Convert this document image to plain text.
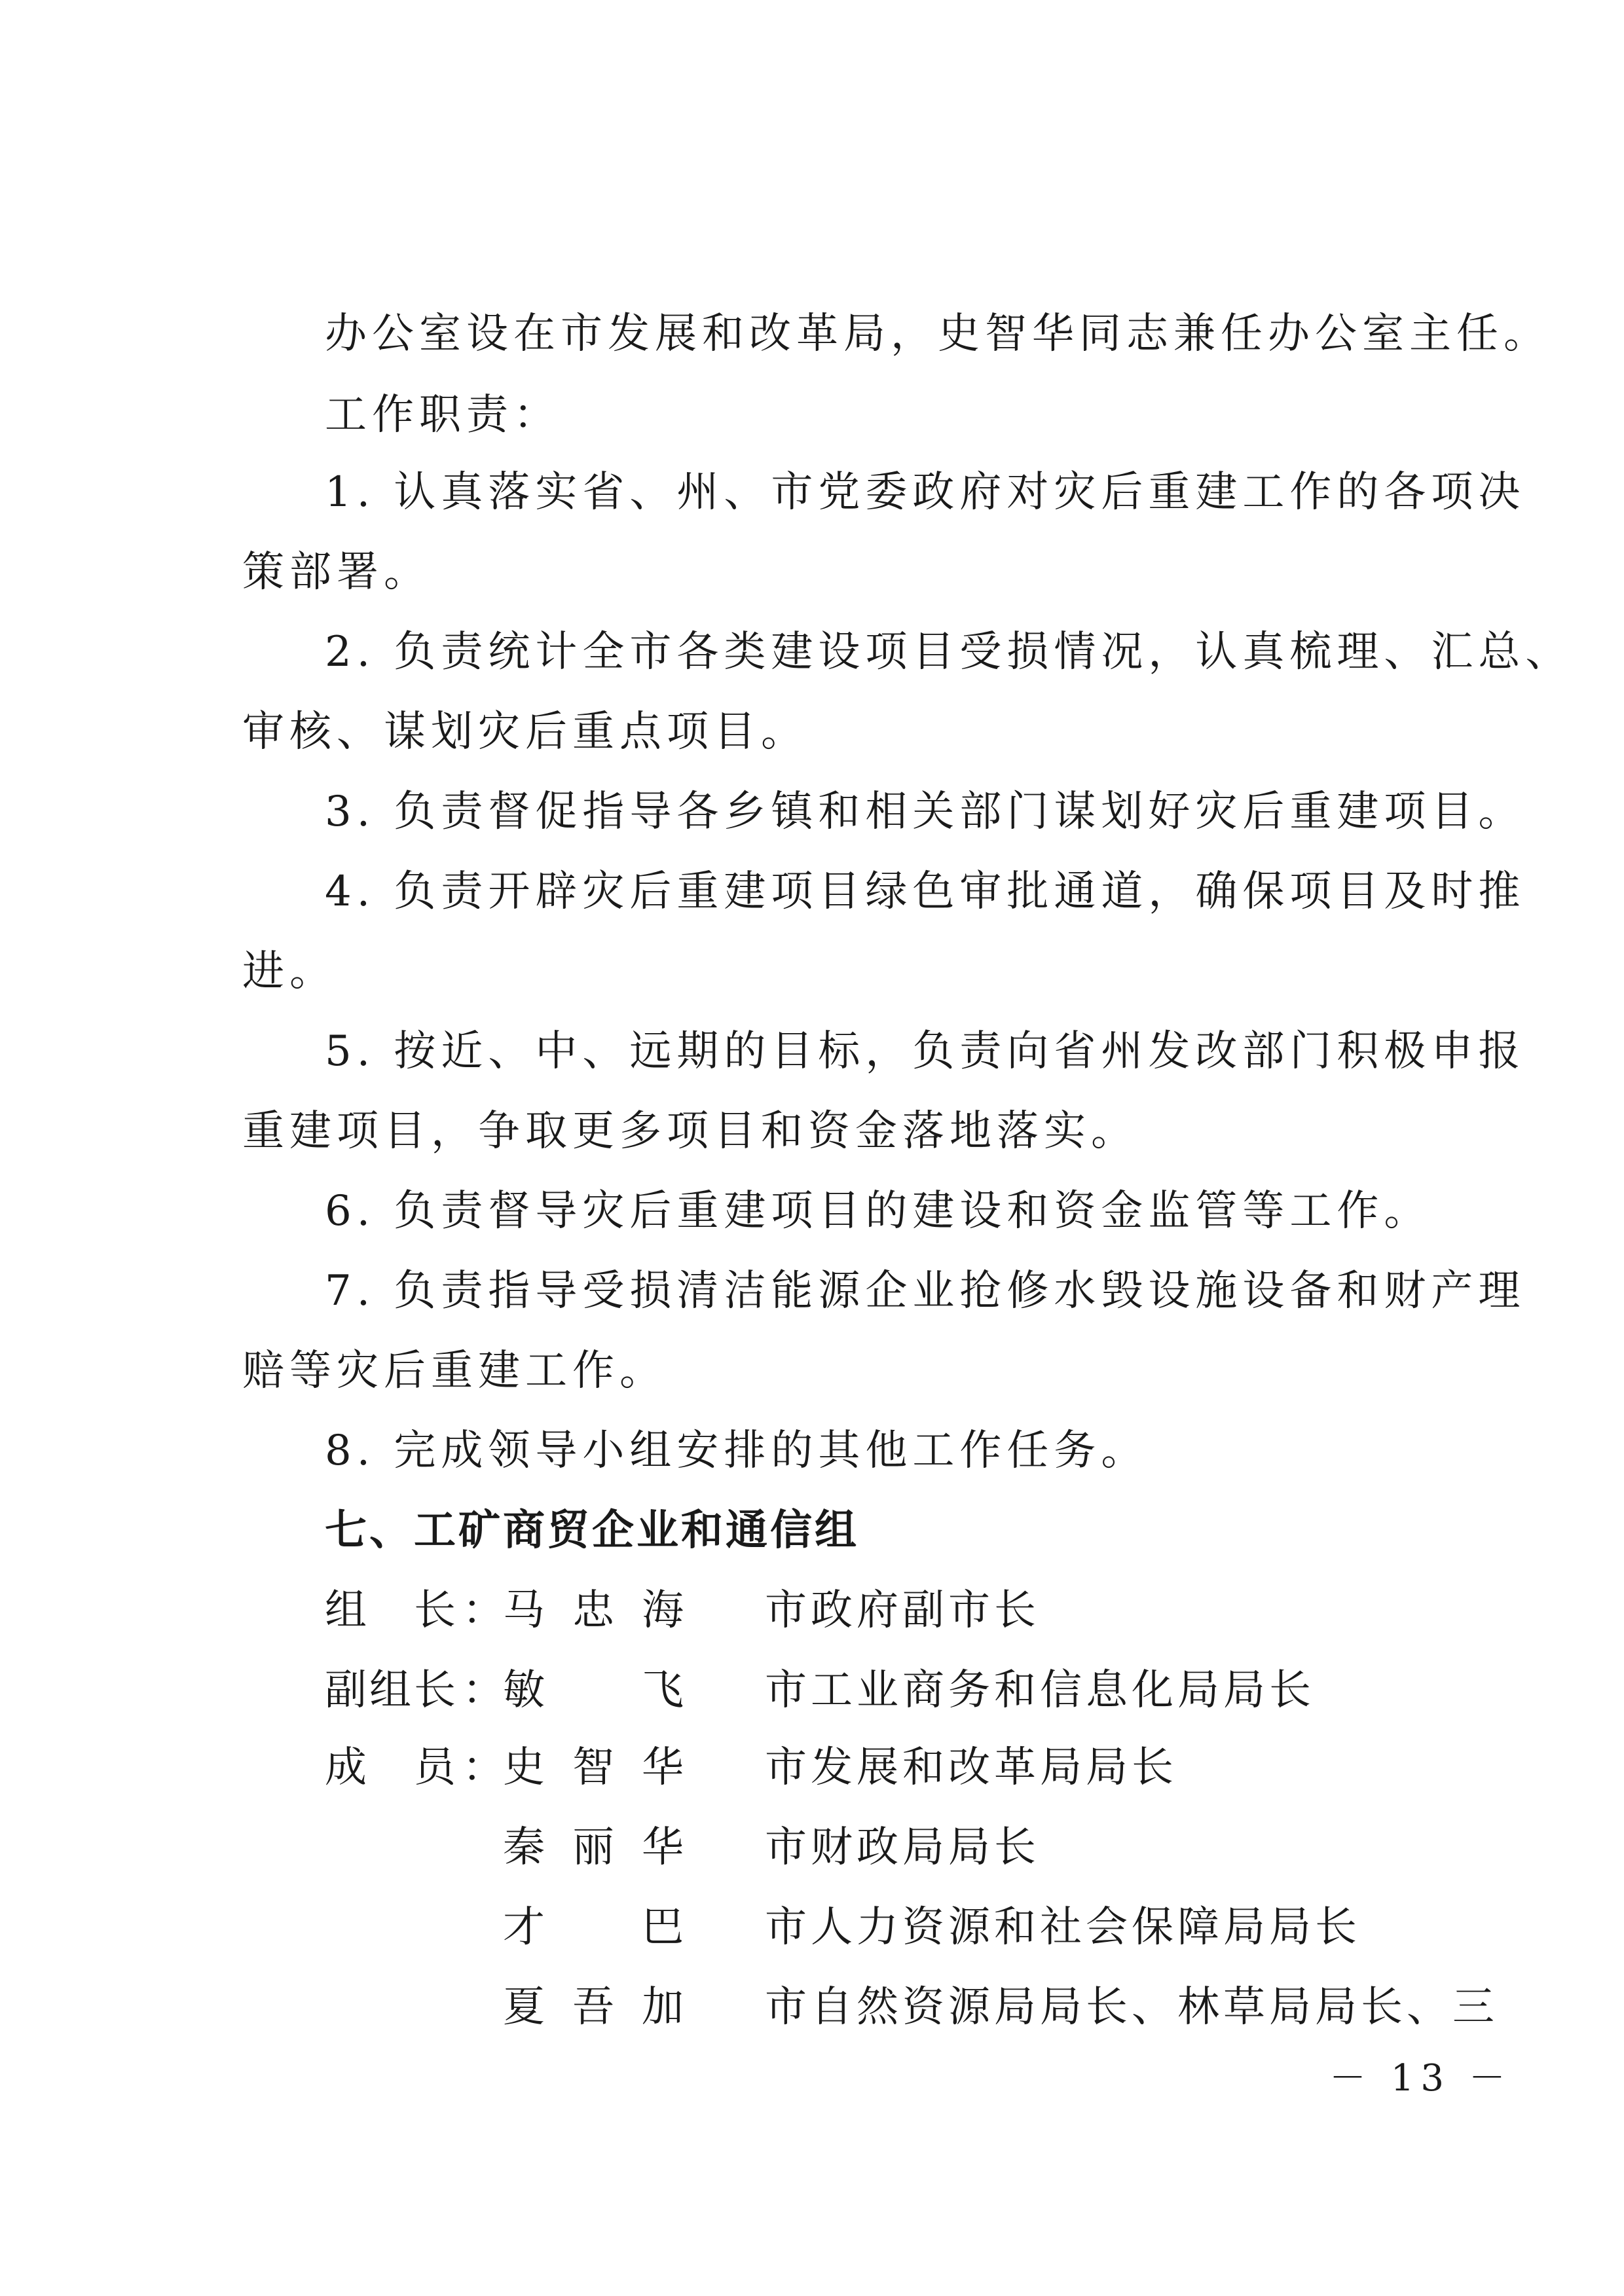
办公室设在市发展和改革局，史智华同志兼任办公室主任。
工作职责：
1. 认真落实省、州、市党委政府对灾后重建工作的各项决
策部署。
2. 负责统计全市各类建设项目受损情况，认真梳理、汇总、
审核、谋划灾后重点项目。
3. 负责督促指导各乡镇和相关部门谋划好灾后重建项目。
4. 负责开辟灾后重建项目绿色审批通道，确保项目及时推
进。
5. 按近、中、远期的目标，负责向省州发改部门积极申报
重建项目，争取更多项目和资金落地落实。
6. 负责督导灾后重建项目的建设和资金监管等工作。
7. 负责指导受损清洁能源企业抢修水毁设施设备和财产理
赔等灾后重建工作。
8. 完成领导小组安排的其他工作任务。
七、工矿商贸企业和通信组
组长 ：
马忠海 市政府副市长
副组长 ：
敏飞 市工业商务和信息化局局长
成员 ：
史智华 市发展和改革局局长
秦丽华 市财政局局长
才巴 市人力资源和社会保障局局长
夏吾加 市自然资源局局长、林草局局长、三
－ 13 －
